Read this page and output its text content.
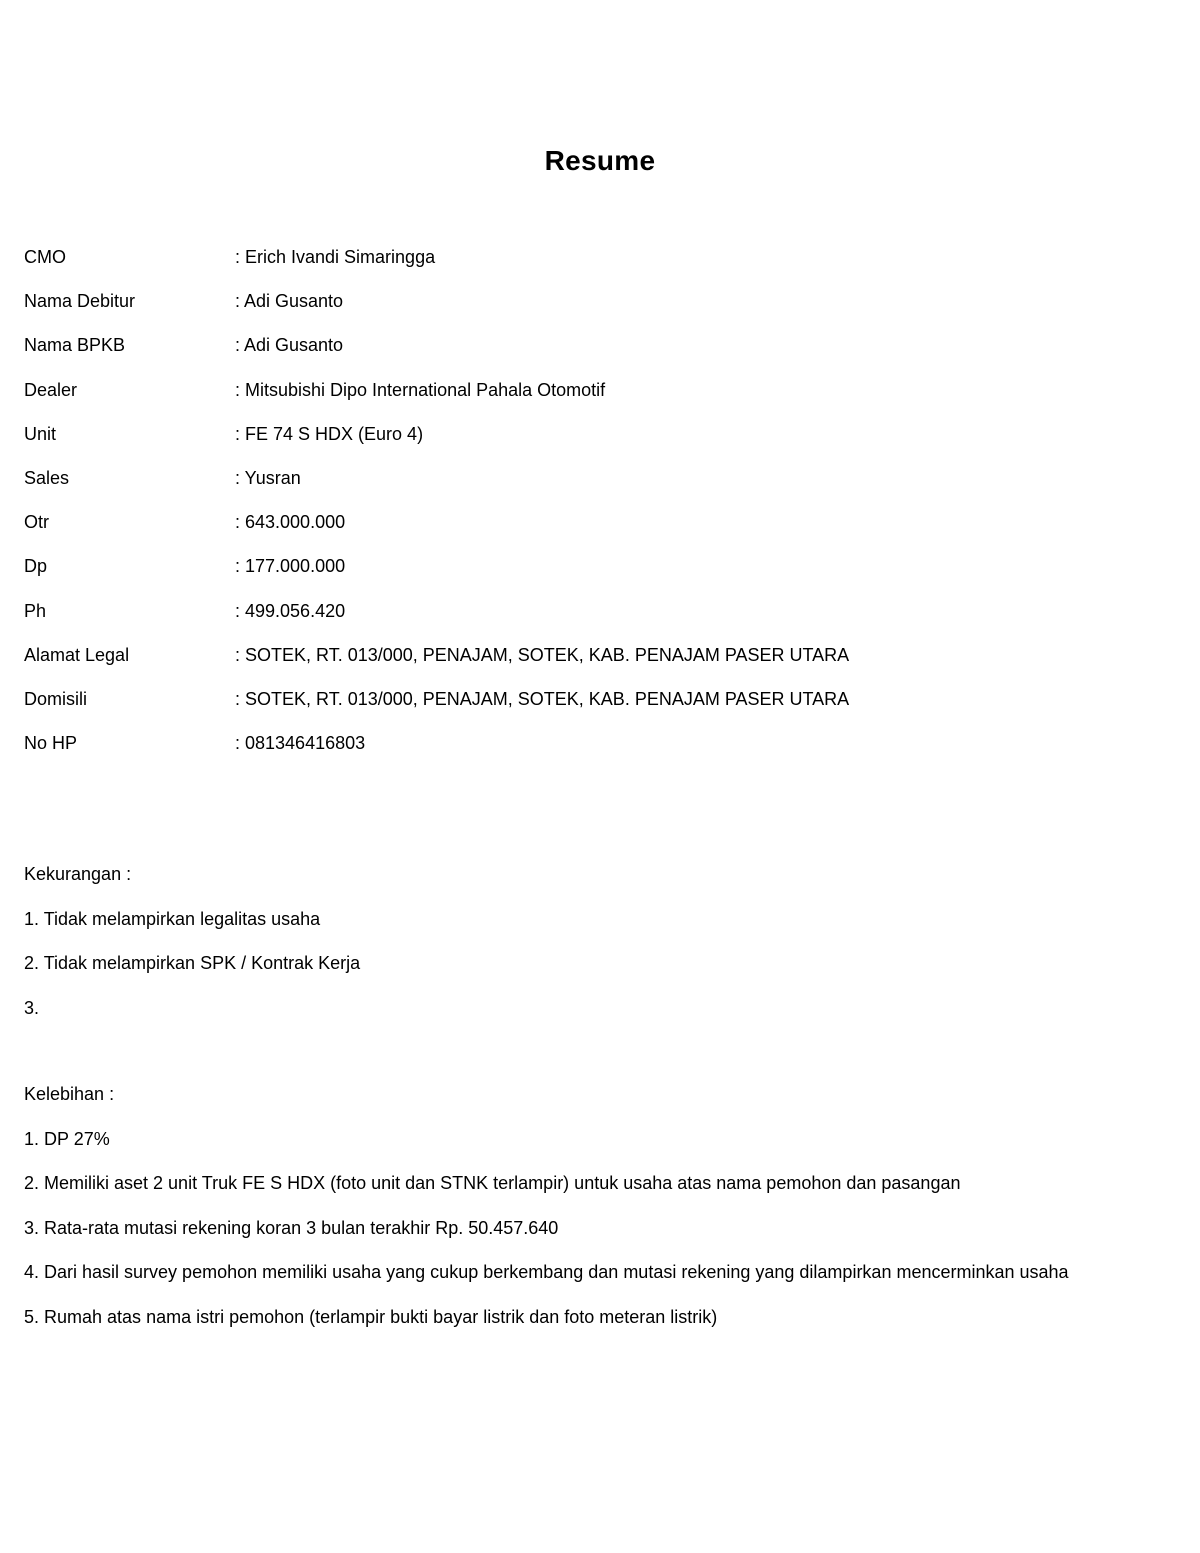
Resume
CMO	: Erich Ivandi Simaringga
Nama Debitur	: Adi Gusanto
Nama BPKB	: Adi Gusanto
Dealer	: Mitsubishi Dipo International Pahala Otomotif
Unit	: FE 74 S HDX (Euro 4)
Sales	: Yusran
Otr	: 643.000.000
Dp	: 177.000.000
Ph	: 499.056.420
Alamat Legal	: SOTEK, RT. 013/000, PENAJAM, SOTEK, KAB. PENAJAM PASER UTARA
Domisili	: SOTEK, RT. 013/000, PENAJAM, SOTEK, KAB. PENAJAM PASER UTARA
No HP	: 081346416803
Kekurangan :
1. Tidak melampirkan legalitas usaha
2. Tidak melampirkan SPK / Kontrak Kerja
3.
Kelebihan :
1. DP 27%
2. Memiliki aset 2 unit Truk FE S HDX (foto unit dan STNK terlampir) untuk usaha atas nama pemohon dan pasangan
3. Rata-rata mutasi rekening koran 3 bulan terakhir Rp. 50.457.640
4. Dari hasil survey pemohon memiliki usaha yang cukup berkembang dan mutasi rekening yang dilampirkan mencerminkan usaha
5. Rumah atas nama istri pemohon (terlampir bukti bayar listrik dan foto meteran listrik)
